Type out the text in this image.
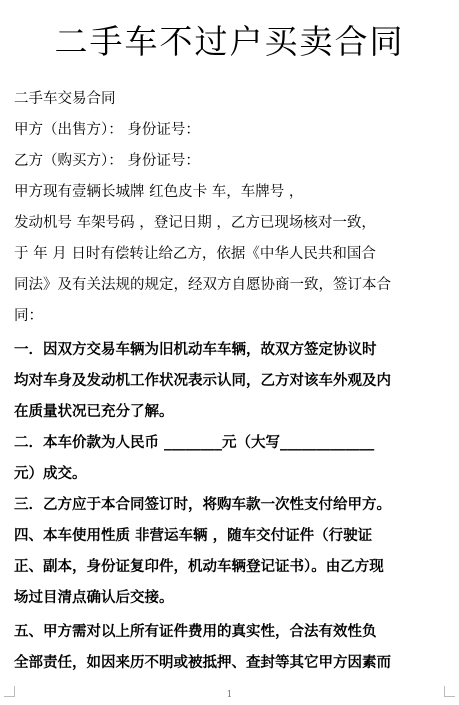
二手车不过户买卖合同
二手车交易合同
甲方（出售方）： 身份证号：
乙方（购买方）： 身份证号：
甲方现有壹辆长城牌 红色皮卡 车，车牌号 ，
发动机号 车架号码 ，登记日期 ，乙方已现场核对一致，
于 年 月 日时有偿转让给乙方，依据《中华人民共和国合
同法》及有关法规的规定，经双方自愿协商一致，签订本合
同：
一．因双方交易车辆为旧机动车车辆，故双方签定协议时
均对车身及发动机工作状况表示认同，乙方对该车外观及内
在质量状况已充分了解。
二．本车价款为人民币 ________元（大写_____________
元）成交。
三．乙方应于本合同签订时，将购车款一次性支付给甲方。
四、本车使用性质 非营运车辆 ，随车交付证件（行驶证
正、副本，身份证复印件，机动车辆登记证书）。由乙方现
场过目清点确认后交接。
五、甲方需对以上所有证件费用的真实性，合法有效性负
全部责任，如因来历不明或被抵押、查封等其它甲方因素而
1
